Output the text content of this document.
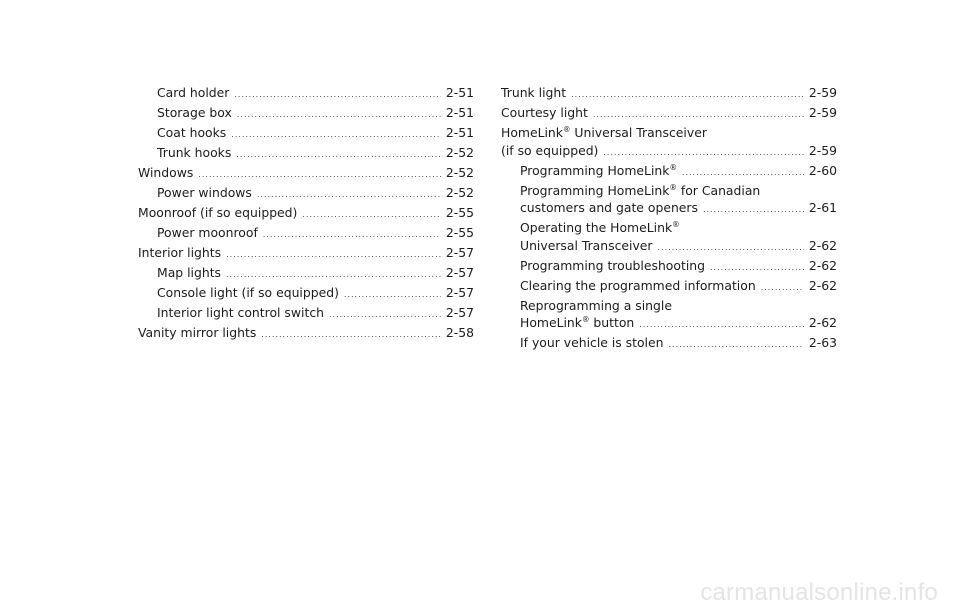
Card holder .....	2-51
Storage box .....	2-51
Coat hooks .....	2-51
Trunk hooks .....	2-52
Windows .....	2-52
Power windows .....	2-52
Moonroof (if so equipped) .....	2-55
Power moonroof .....	2-55
Interior lights .....	2-57
Map lights .....	2-57
Console light (if so equipped) .....	2-57
Interior light control switch .....	2-57
Vanity mirror lights .....	2-58
Trunk light .....	2-59
Courtesy light .....	2-59
HomeLink® Universal Transceiver
(if so equipped) .....	2-59
Programming HomeLink® .....	2-60
Programming HomeLink® for Canadian
customers and gate openers .....	2-61
Operating the HomeLink®
Universal Transceiver .....	2-62
Programming troubleshooting .....	2-62
Clearing the programmed information .....	2-62
Reprogramming a single
HomeLink® button .....	2-62
If your vehicle is stolen .....	2-63
carmanualsonline.info
